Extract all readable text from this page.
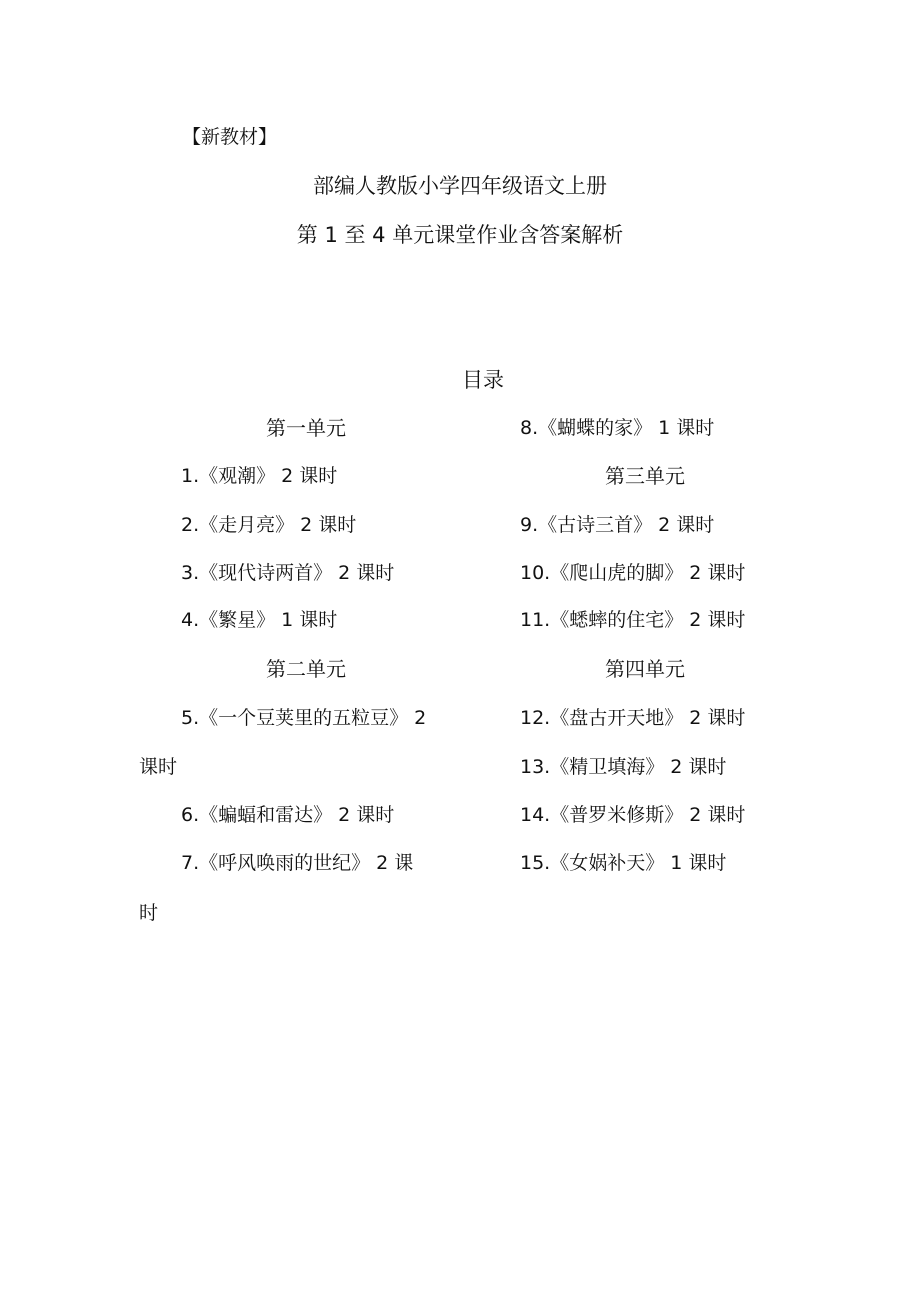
【新教材】
部编人教版小学四年级语文上册
第 1 至 4 单元课堂作业含答案解析
目录
第一单元
1.《观潮》 2 课时
2.《走月亮》 2 课时
3.《现代诗两首》 2 课时
4.《繁星》 1 课时
第二单元
5.《一个豆荚里的五粒豆》 2
课时
6.《蝙蝠和雷达》 2 课时
7.《呼风唤雨的世纪》 2 课
时
8.《蝴蝶的家》 1 课时
第三单元
9.《古诗三首》 2 课时
10.《爬山虎的脚》 2 课时
11.《蟋蟀的住宅》 2 课时
第四单元
12.《盘古开天地》 2 课时
13.《精卫填海》 2 课时
14.《普罗米修斯》 2 课时
15.《女娲补天》 1 课时
